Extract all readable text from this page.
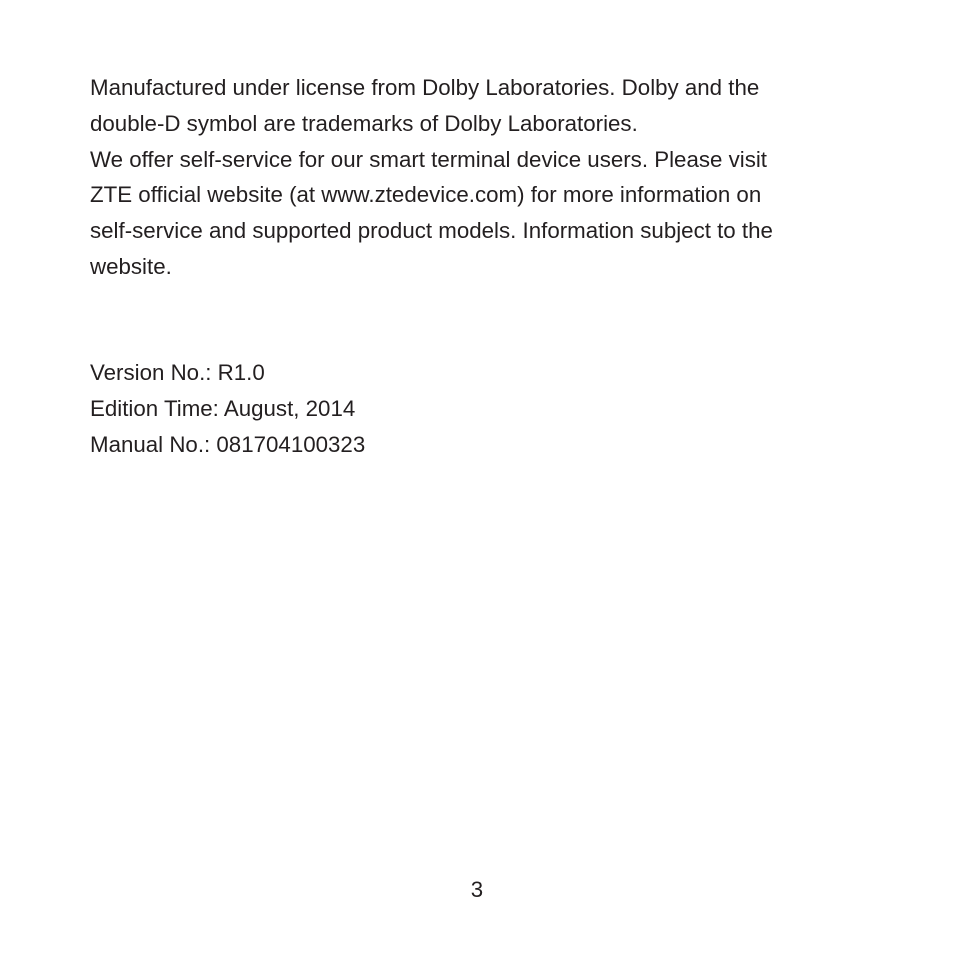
Manufactured under license from Dolby Laboratories. Dolby and the
double-D symbol are trademarks of Dolby Laboratories.

We offer self-service for our smart terminal device users. Please visit
ZTE official website (at www.ztedevice.com) for more information on
self-service and supported product models. Information subject to the
website.

Version No.: R1.0
Edition Time: August, 2014
Manual No.: 081704100323
3
